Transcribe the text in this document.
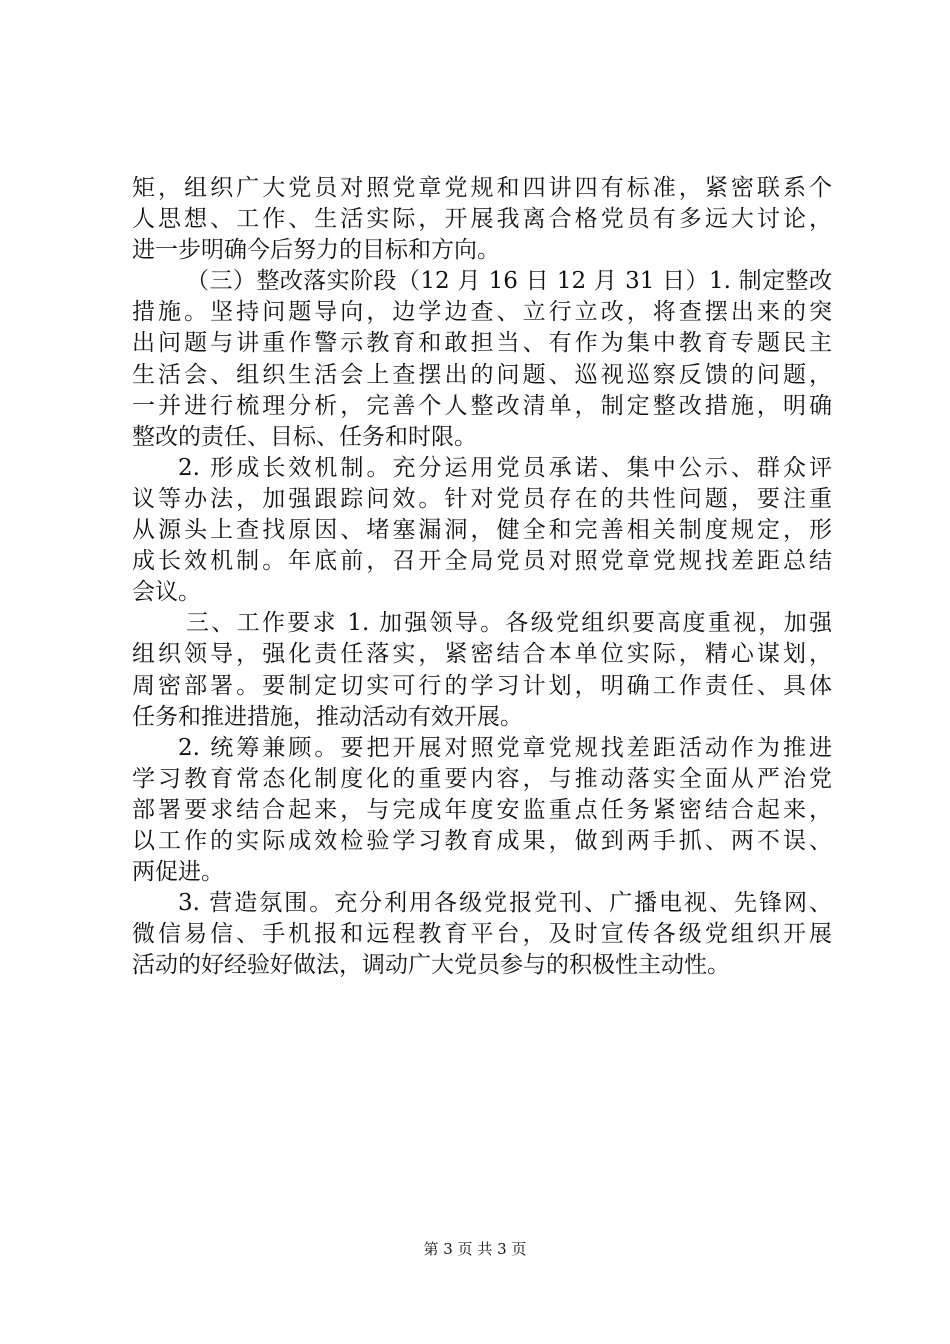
矩，组织广大党员对照党章党规和四讲四有标准，紧密联系个
人思想、工作、生活实际，开展我离合格党员有多远大讨论，
进一步明确今后努力的目标和方向。
（三）整改落实阶段（12 月 16 日 12 月 31 日）1. 制定整改
措施。坚持问题导向，边学边查、立行立改，将查摆出来的突
出问题与讲重作警示教育和敢担当、有作为集中教育专题民主
生活会、组织生活会上查摆出的问题、巡视巡察反馈的问题，
一并进行梳理分析，完善个人整改清单，制定整改措施，明确
整改的责任、目标、任务和时限。
2. 形成长效机制。充分运用党员承诺、集中公示、群众评
议等办法，加强跟踪问效。针对党员存在的共性问题，要注重
从源头上查找原因、堵塞漏洞，健全和完善相关制度规定，形
成长效机制。年底前，召开全局党员对照党章党规找差距总结
会议。
三、工作要求 1. 加强领导。各级党组织要高度重视，加强
组织领导，强化责任落实，紧密结合本单位实际，精心谋划，
周密部署。要制定切实可行的学习计划，明确工作责任、具体
任务和推进措施，推动活动有效开展。
2. 统筹兼顾。要把开展对照党章党规找差距活动作为推进
学习教育常态化制度化的重要内容，与推动落实全面从严治党
部署要求结合起来，与完成年度安监重点任务紧密结合起来，
以工作的实际成效检验学习教育成果，做到两手抓、两不误、
两促进。
3. 营造氛围。充分利用各级党报党刊、广播电视、先锋网、
微信易信、手机报和远程教育平台，及时宣传各级党组织开展
活动的好经验好做法，调动广大党员参与的积极性主动性。
第 3 页 共 3 页
